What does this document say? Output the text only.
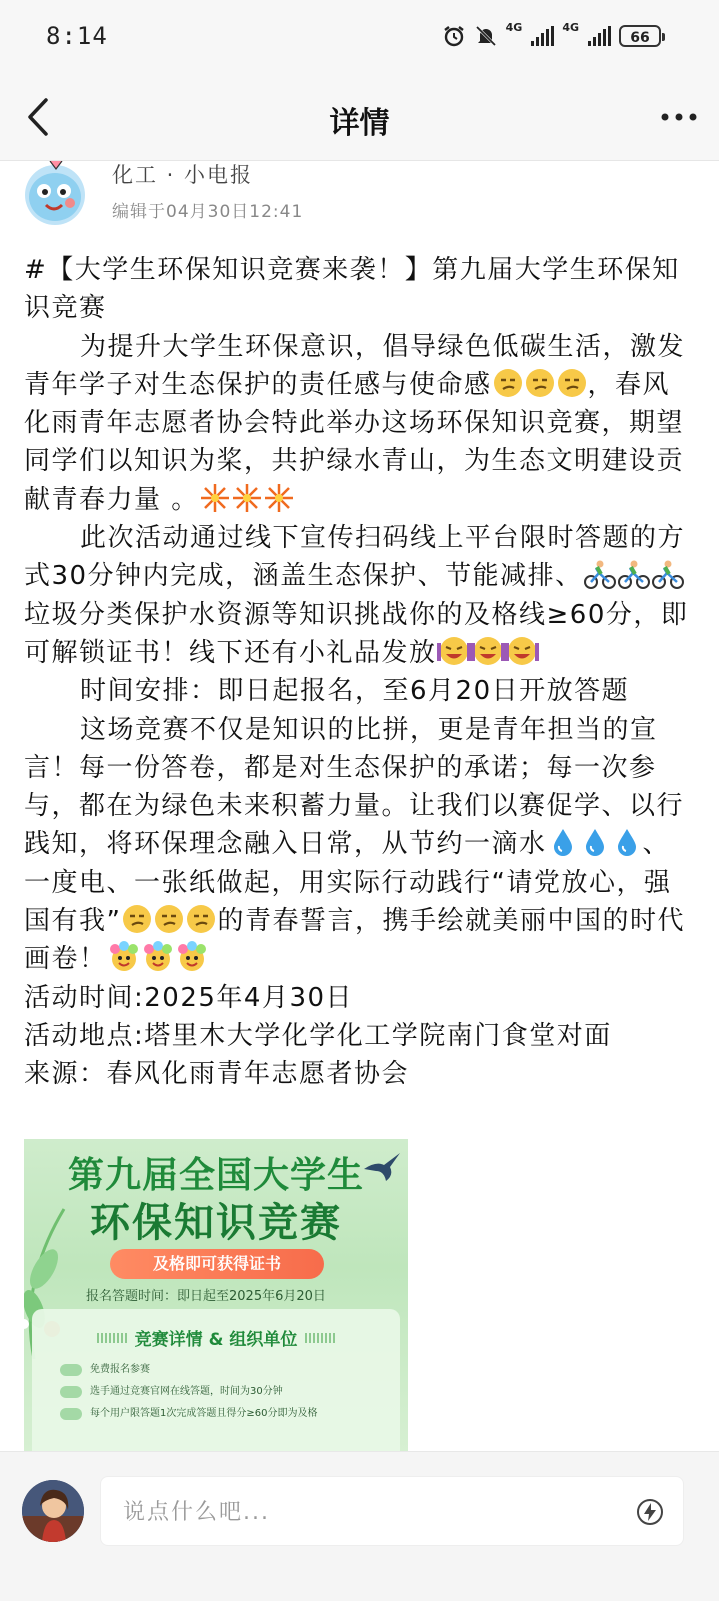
8:14	4G	4G
66
详情
化工 · 小电报
编辑于04月30日12:41

#【大学生环保知识竞赛来袭！】第九届大学生环保知识竞赛

为提升大学生环保意识，倡导绿色低碳生活，激发青年学子对生态保护的责任感与使命感	，春风化雨青年志愿者协会特此举办这场环保知识竞赛，期望同学们以知识为桨，共护绿水青山，为生态文明建设贡献青春力量 。

此次活动通过线下宣传扫码线上平台限时答题的方式30分钟内完成，涵盖生态保护、节能减排、垃圾分类保护水资源等知识挑战你的及格线≥60分，即可解锁证书！线下还有小礼品发放

时间安排：即日起报名，至6月20日开放答题

这场竞赛不仅是知识的比拼，更是青年担当的宣言！每一份答卷，都是对生态保护的承诺；每一次参与，都在为绿色未来积蓄力量。让我们以赛促学、以行践知，将环保理念融入日常，从节约一滴水	、一度电、一张纸做起，用实际行动践行“请党放心，强国有我”	的青春誓言，携手绘就美丽中国的时代画卷！

活动时间:2025年4月30日

活动地点:塔里木大学化学化工学院南门食堂对面

来源：春风化雨青年志愿者协会

第九届全国大学生
环保知识竞赛
及格即可获得证书
报名答题时间：即日起至2025年6月20日
竞赛详情 & 组织单位
免费报名参赛
选手通过竞赛官网在线答题，时间为30分钟
每个用户限答题1次完成答题且得分≥60分即为及格
说点什么吧...
